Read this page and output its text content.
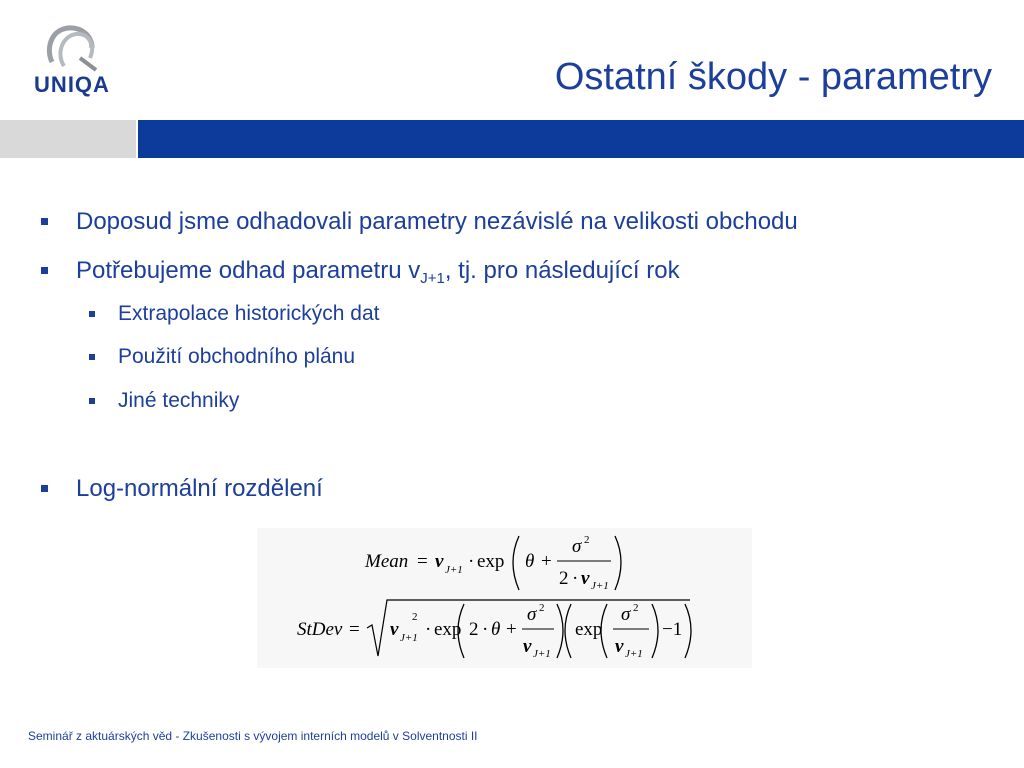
UNIQA	Ostatní škody - parametry
Doposud jsme odhadovali parametry nezávislé na velikosti obchodu
Potřebujeme odhad parametru $v_{J+1}$, tj. pro následující rok
Extrapolace historických dat
Použití obchodního plánu
Jiné techniky
Log-normální rozdělení
Mean = v J+1 · exp θ +
σ 2
2 · v J+1
StDev = v J+1
2
· exp 2 · θ +
σ 2
v J+1
exp
σ 2
v J+1
−1
Seminář z aktuárských věd - Zkušenosti s vývojem interních modelů v Solventnosti II
